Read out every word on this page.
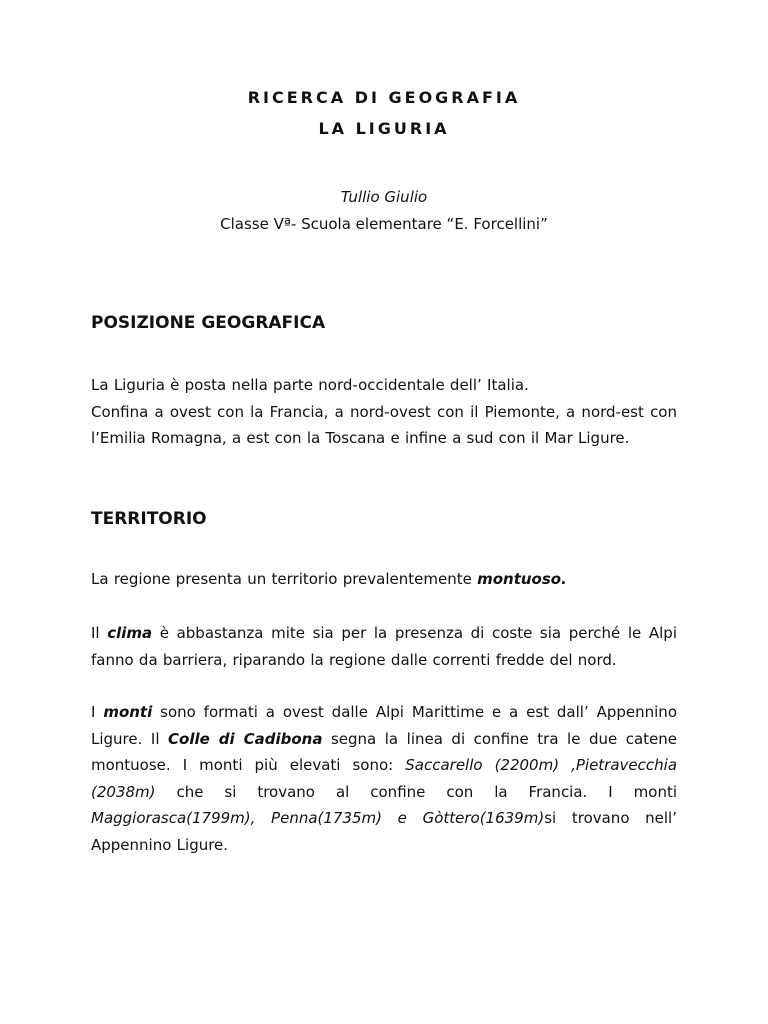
RICERCA DI GEOGRAFIA
LA LIGURIA
Tullio Giulio
Classe Vª- Scuola elementare “E. Forcellini”
POSIZIONE GEOGRAFICA

La Liguria è posta nella parte nord-occidentale dell’ Italia.
Confina a ovest con la Francia, a nord-ovest con il Piemonte, a nord-est con l’Emilia Romagna, a est con la Toscana e infine a sud con il Mar Ligure.

TERRITORIO

La regione presenta un territorio prevalentemente montuoso.

Il clima è abbastanza mite sia per la presenza di coste sia perché le Alpi fanno da barriera, riparando la regione dalle correnti fredde del nord.

I monti sono formati a ovest dalle Alpi Marittime e a est dall’ Appennino Ligure. Il Colle di Cadibona segna la linea di confine tra le due catene montuose. I monti più elevati sono: Saccarello (2200m) ,Pietravecchia (2038m) che si trovano al confine con la Francia. I monti Maggiorasca(1799m), Penna(1735m) e Gòttero(1639m)si trovano nell’ Appennino Ligure.
